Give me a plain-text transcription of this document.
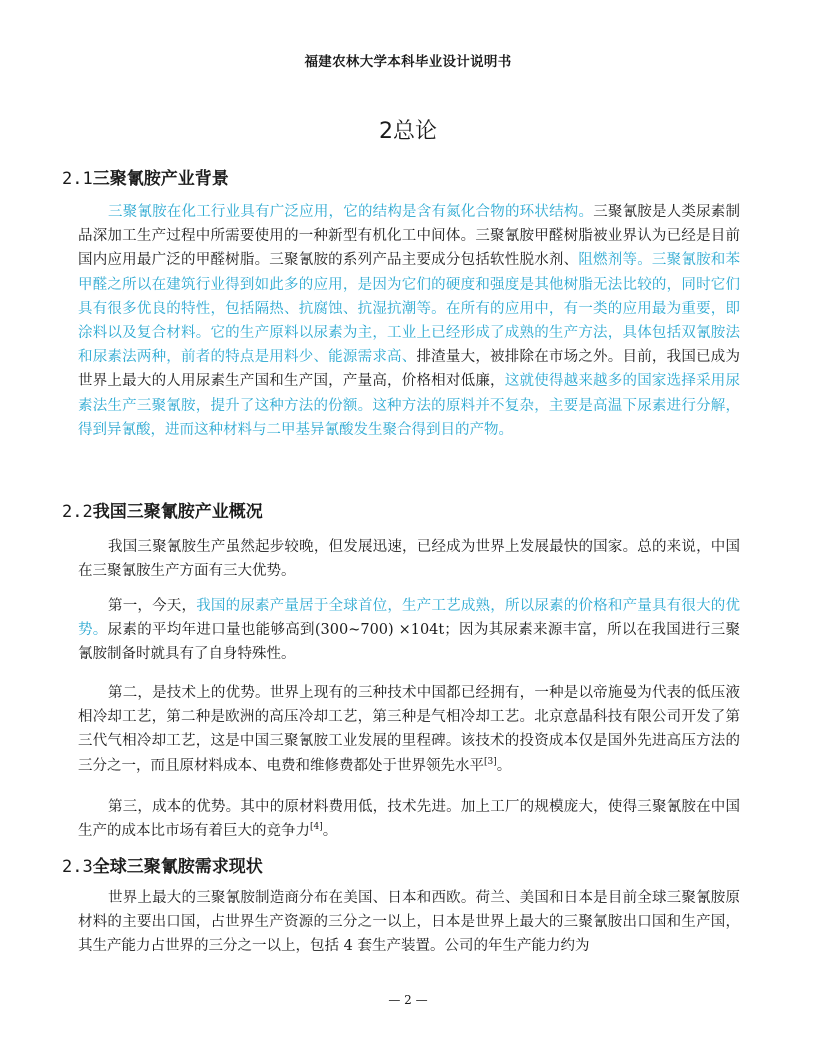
福建农林大学本科毕业设计说明书
2总论
2.1三聚氰胺产业背景
三聚氰胺在化工行业具有广泛应用，它的结构是含有氮化合物的环状结构。三聚氰胺是人类尿素制品深加工生产过程中所需要使用的一种新型有机化工中间体。三聚氰胺甲醛树脂被业界认为已经是目前国内应用最广泛的甲醛树脂。三聚氰胺的系列产品主要成分包括软性脱水剂、阻燃剂等。三聚氰胺和苯甲醛之所以在建筑行业得到如此多的应用，是因为它们的硬度和强度是其他树脂无法比较的，同时它们具有很多优良的特性，包括隔热、抗腐蚀、抗湿抗潮等。在所有的应用中，有一类的应用最为重要，即涂料以及复合材料。它的生产原料以尿素为主，工业上已经形成了成熟的生产方法，具体包括双氰胺法和尿素法两种，前者的特点是用料少、能源需求高、排渣量大，被排除在市场之外。目前，我国已成为世界上最大的人用尿素生产国和生产国，产量高，价格相对低廉，这就使得越来越多的国家选择采用尿素法生产三聚氰胺，提升了这种方法的份额。这种方法的原料并不复杂，主要是高温下尿素进行分解，得到异氰酸，进而这种材料与二甲基异氰酸发生聚合得到目的产物。
2.2我国三聚氰胺产业概况
我国三聚氰胺生产虽然起步较晚，但发展迅速，已经成为世界上发展最快的国家。总的来说，中国在三聚氰胺生产方面有三大优势。
第一，今天，我国的尿素产量居于全球首位，生产工艺成熟，所以尿素的价格和产量具有很大的优势。尿素的平均年进口量也能够高到(300~700) ×104t；因为其尿素来源丰富，所以在我国进行三聚氰胺制备时就具有了自身特殊性。
第二，是技术上的优势。世界上现有的三种技术中国都已经拥有，一种是以帝施曼为代表的低压液相冷却工艺，第二种是欧洲的高压冷却工艺，第三种是气相冷却工艺。北京意晶科技有限公司开发了第三代气相冷却工艺，这是中国三聚氰胺工业发展的里程碑。该技术的投资成本仅是国外先进高压方法的三分之一，而且原材料成本、电费和维修费都处于世界领先水平[3]。
第三，成本的优势。其中的原材料费用低，技术先进。加上工厂的规模庞大，使得三聚氰胺在中国生产的成本比市场有着巨大的竞争力[4]。
2.3全球三聚氰胺需求现状
世界上最大的三聚氰胺制造商分布在美国、日本和西欧。荷兰、美国和日本是目前全球三聚氰胺原材料的主要出口国，占世界生产资源的三分之一以上，日本是世界上最大的三聚氰胺出口国和生产国，其生产能力占世界的三分之一以上，包括 4 套生产装置。公司的年生产能力约为
— 2 —
